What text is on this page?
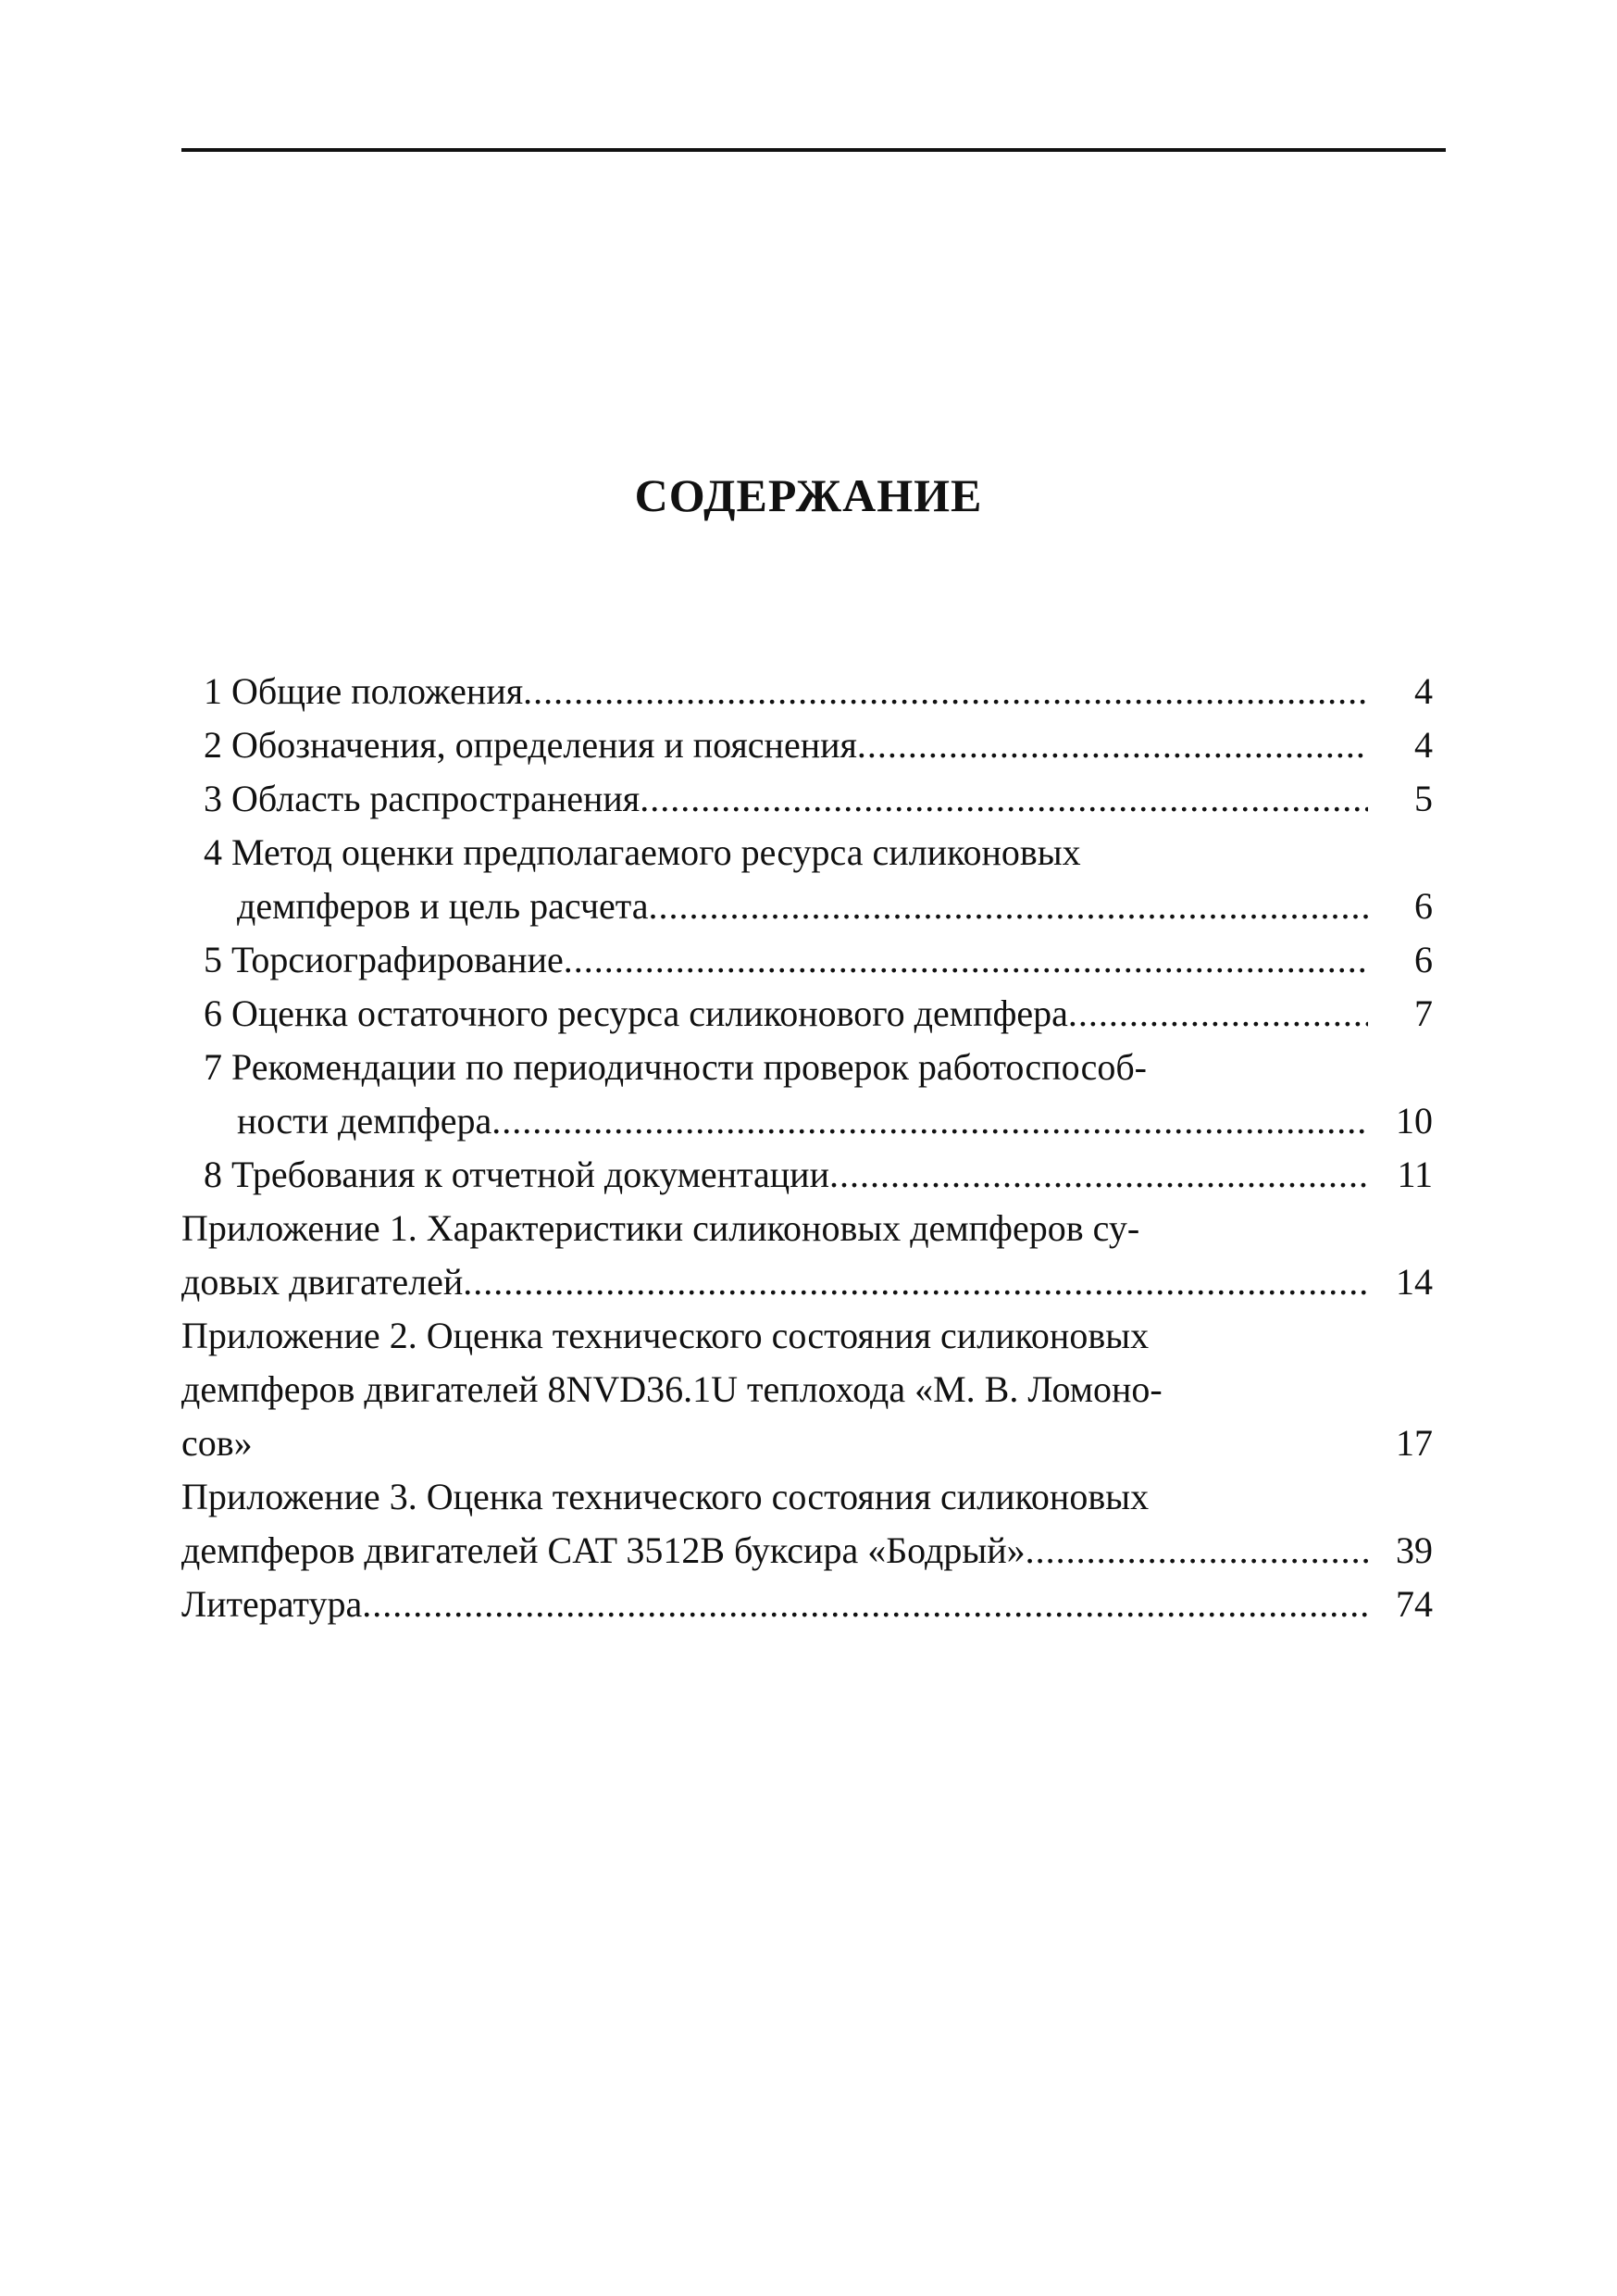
СОДЕРЖАНИЕ
1 Общие положения .....	4
2 Обозначения, определения и пояснения .....	4
3 Область распространения .....	5
4 Метод оценки предполагаемого ресурса силиконовых
демпферов и цель расчета .....	6
5 Торсиографирование .....	6
6 Оценка остаточного ресурса силиконового демпфера .....	7
7 Рекомендации по периодичности проверок работоспособ-
ности демпфера .....	10
8 Требования к отчетной документации .....	11
Приложение 1. Характеристики силиконовых демпферов су-
довых двигателей .....	14
Приложение 2. Оценка технического состояния силиконовых
демпферов двигателей 8NVD36.1U теплохода «М. В. Ломоно-
сов»	17
Приложение 3. Оценка технического состояния силиконовых
демпферов двигателей CAT 3512B буксира «Бодрый» .....	39
Литература .....	74
